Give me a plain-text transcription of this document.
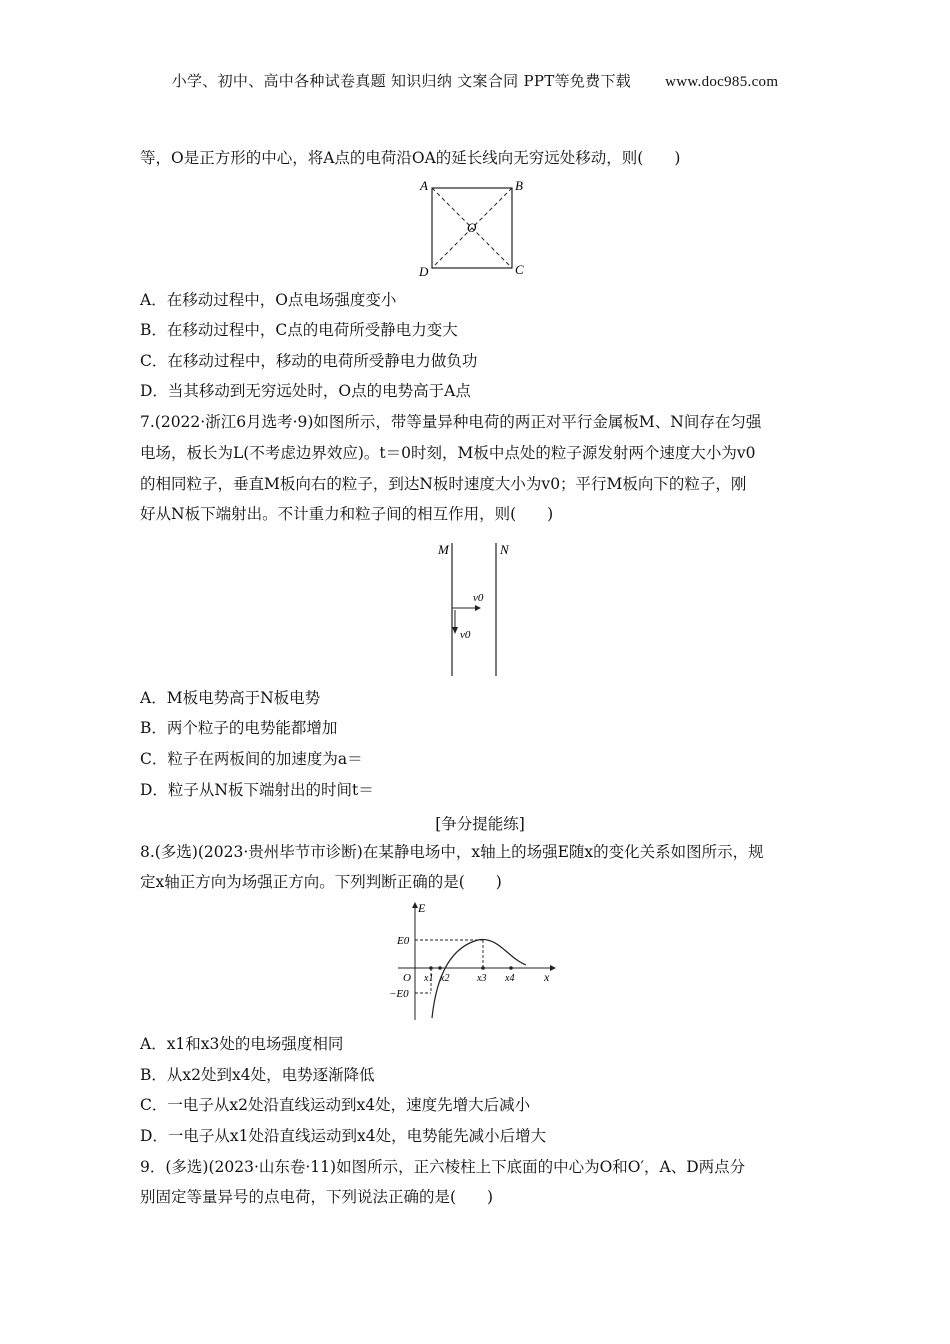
小学、初中、高中各种试卷真题 知识归纳 文案合同 PPT等免费下载 www.doc985.com
等，O是正方形的中心，将A点的电荷沿OA的延长线向无穷远处移动，则(　　)
A	B
C
D
O
A．在移动过程中，O点电场强度变小
B．在移动过程中，C点的电荷所受静电力变大
C．在移动过程中，移动的电荷所受静电力做负功
D．当其移动到无穷远处时，O点的电势高于A点
7.(2022·浙江6月选考·9)如图所示，带等量异种电荷的两正对平行金属板M、N间存在匀强
电场，板长为L(不考虑边界效应)。t＝0时刻，M板中点处的粒子源发射两个速度大小为v0
的相同粒子，垂直M板向右的粒子，到达N板时速度大小为v0；平行M板向下的粒子，刚
好从N板下端射出。不计重力和粒子间的相互作用，则(　　)
M	N
v0
v0
A．M板电势高于N板电势
B．两个粒子的电势能都增加
C．粒子在两板间的加速度为a＝
D．粒子从N板下端射出的时间t＝
[争分提能练]
8.(多选)(2023·贵州毕节市诊断)在某静电场中，x轴上的场强E随x的变化关系如图所示，规
定x轴正方向为场强正方向。下列判断正确的是(　　)
E
E0
O x1 x2	x3 x4 x
−E0
A．x1和x3处的电场强度相同
B．从x2处到x4处，电势逐渐降低
C．一电子从x2处沿直线运动到x4处，速度先增大后减小
D．一电子从x1处沿直线运动到x4处，电势能先减小后增大
9．(多选)(2023·山东卷·11)如图所示，正六棱柱上下底面的中心为O和O′，A、D两点分
别固定等量异号的点电荷，下列说法正确的是(　　)
